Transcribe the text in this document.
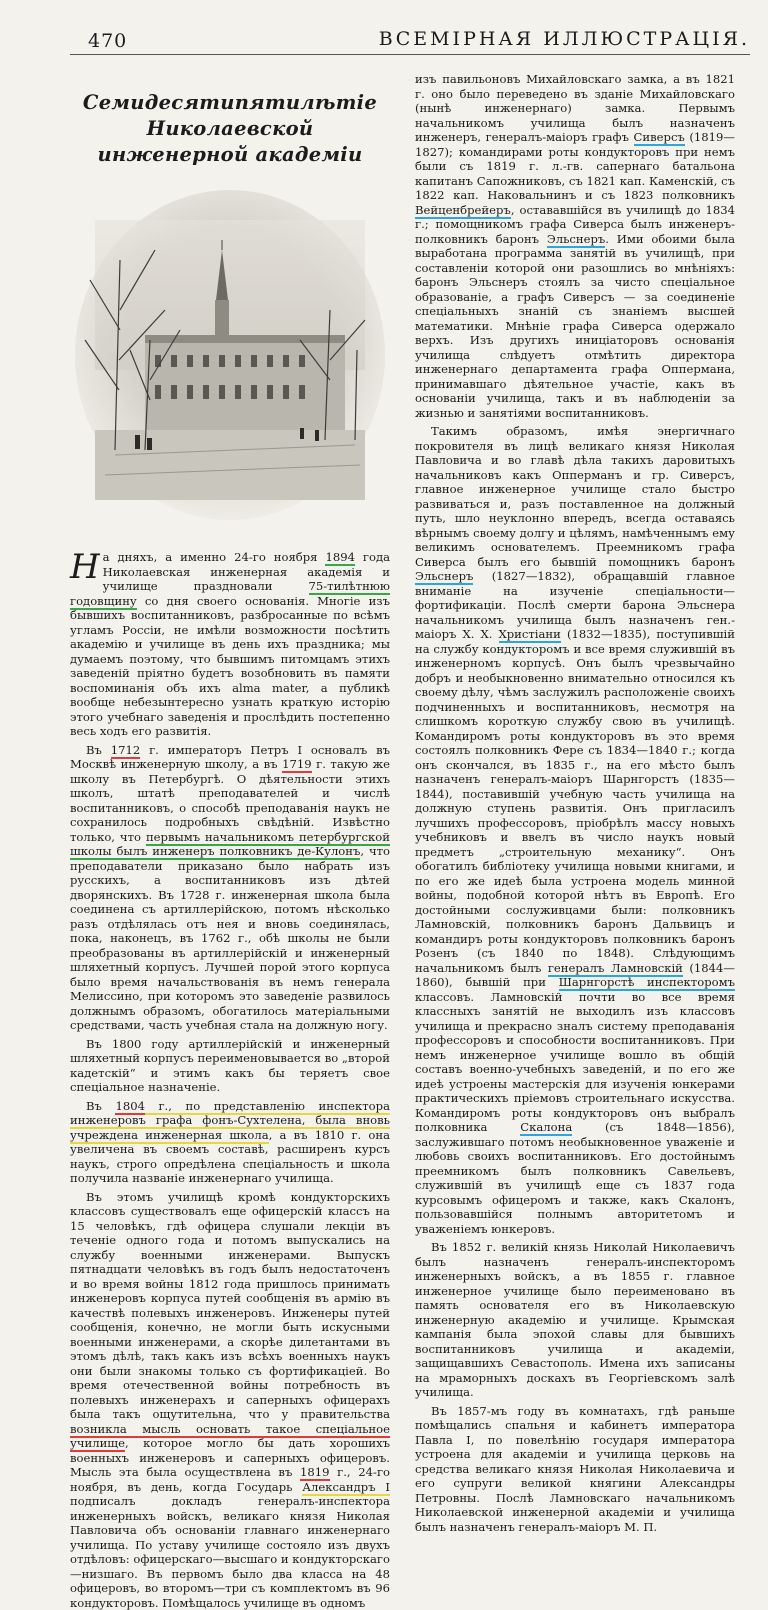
470	ВСЕМIРНАЯ ИЛЛЮСТРАЦIЯ.
Семидесятипятилѣтiе
Николаевской инженерной академiи

На дняхъ, а именно 24-го ноября 1894 года Николаевская инженерная академiя и училище праздновали 75-тилѣтнюю годовщину со дня своего основанiя. Многiе изъ бывшихъ воспитанниковъ, разбросанные по всѣмъ угламъ Россiи, не имѣли возможности посѣтить академiю и училище въ день ихъ праздника; мы думаемъ поэтому, что бывшимъ питомцамъ этихъ заведенiй прiятно будетъ возобновить въ памяти воспоминанiя объ ихъ alma mater, а публикѣ вообще небезынтересно узнать краткую исторiю этого учебнаго заведенiя и прослѣдить постепенно весь ходъ его развитiя.

Въ 1712 г. императоръ Петръ I основалъ въ Москвѣ инженерную школу, а въ 1719 г. такую же школу въ Петербургѣ. О дѣятельности этихъ школъ, штатѣ преподавателей и числѣ воспитанниковъ, о способѣ преподаванiя наукъ не сохранилось подробныхъ свѣдѣнiй. Извѣстно только, что первымъ начальникомъ петербургской школы былъ инженеръ полковникъ де-Кулонъ, что преподаватели приказано было набрать изъ русскихъ, а воспитанниковъ изъ дѣтей дворянскихъ. Въ 1728 г. инженерная школа была соединена съ артиллерiйскою, потомъ нѣсколько разъ отдѣлялась отъ нея и вновь соединялась, пока, наконецъ, въ 1762 г., обѣ школы не были преобразованы въ артиллерiйскiй и инженерный шляхетный корпусъ. Лучшей порой этого корпуса было время начальствованiя въ немъ генерала Мелиссино, при которомъ это заведенiе развилось должнымъ образомъ, обогатилось матерiальными средствами, часть учебная стала на должную ногу.

Въ 1800 году артиллерiйскiй и инженерный шляхетный корпусъ переименовывается во „второй кадетскiй“ и этимъ какъ бы теряетъ свое спецiальное назначенiе.

Въ 1804 г., по представленiю инспектора инженеровъ графа фонъ-Сухтелена, была вновь учреждена инженерная школа, а въ 1810 г. она увеличена въ своемъ составѣ, расширенъ курсъ наукъ, строго опредѣлена спецiальность и школа получила названiе инженернаго училища.

Въ этомъ училищѣ кромѣ кондукторскихъ классовъ существовалъ еще офицерскiй классъ на 15 человѣкъ, гдѣ офицера слушали лекцiи въ теченiе одного года и потомъ выпускались на службу военными инженерами. Выпускъ пятнадцати человѣкъ въ годъ былъ недостаточенъ и во время войны 1812 года пришлось принимать инженеровъ корпуса путей сообщенiя въ армiю въ качествѣ полевыхъ инженеровъ. Инженеры путей сообщенiя, конечно, не могли быть искусными военными инженерами, а скорѣе дилетантами въ этомъ дѣлѣ, такъ какъ изъ всѣхъ военныхъ наукъ они были знакомы только съ фортификацiей. Во время отечественной войны потребность въ полевыхъ инженерахъ и саперныхъ офицерахъ была такъ ощутительна, что у правительства возникла мысль основать такое спецiальное училище, которое могло бы дать хорошихъ военныхъ инженеровъ и саперныхъ офицеровъ. Мысль эта была осуществлена въ 1819 г., 24-го ноября, въ день, когда Государь Александръ I подписалъ докладъ генералъ-инспектора инженерныхъ войскъ, великаго князя Николая Павловича объ основанiи главнаго инженернаго училища. По уставу училище состояло изъ двухъ отдѣловъ: офицерскаго—высшаго и кондукторскаго—низшаго. Въ первомъ было два класса на 48 офицеровъ, во второмъ—три съ комплектомъ въ 96 кондукторовъ. Помѣщалось училище въ одномъ

изъ павильоновъ Михайловскаго замка, а въ 1821 г. оно было переведено въ зданiе Михайловскаго (нынѣ инженернаго) замка. Первымъ начальникомъ училища былъ назначенъ инженеръ, генералъ-маiоръ графъ Сиверсъ (1819—1827); командирами роты кондукторовъ при немъ были съ 1819 г. л.-гв. сапернаго батальона капитанъ Сапожниковъ, съ 1821 кап. Каменскiй, съ 1822 кап. Наковальнинъ и съ 1823 полковникъ Вейценбрейеръ, остававшiйся въ училищѣ до 1834 г.; помощникомъ графа Сиверса былъ инженеръ-полковникъ баронъ Эльснеръ. Ими обоими была выработана программа занятiй въ училищѣ, при составленiи которой они разошлись во мнѣнiяхъ: баронъ Эльснеръ стоялъ за чисто спецiальное образованiе, а графъ Сиверсъ — за соединенiе спецiальныхъ знанiй съ знанiемъ высшей математики. Мнѣнiе графа Сиверса одержало верхъ. Изъ другихъ иницiаторовъ основанiя училища слѣдуетъ отмѣтить директора инженернаго департамента графа Оппермана, принимавшаго дѣятельное участiе, какъ въ основанiи училища, такъ и въ наблюденiи за жизнью и занятiями воспитанниковъ.

Такимъ образомъ, имѣя энергичнаго покровителя въ лицѣ великаго князя Николая Павловича и во главѣ дѣла такихъ даровитыхъ начальниковъ какъ Опперманъ и гр. Сиверсъ, главное инженерное училище стало быстро развиваться и, разъ поставленное на должный путь, шло неуклонно впередъ, всегда оставаясь вѣрнымъ своему долгу и цѣлямъ, намѣченнымъ ему великимъ основателемъ. Преемникомъ графа Сиверса былъ его бывшiй помощникъ баронъ Эльснеръ (1827—1832), обращавшiй главное вниманiе на изученiе спецiальности—фортификацiи. Послѣ смерти барона Эльснера начальникомъ училища былъ назначенъ ген.-маiоръ Х. Х. Христiани (1832—1835), поступившiй на службу кондукторомъ и все время служившiй въ инженерномъ корпусѣ. Онъ былъ чрезвычайно добръ и необыкновенно внимательно относился къ своему дѣлу, чѣмъ заслужилъ расположенiе своихъ подчиненныхъ и воспитанниковъ, несмотря на слишкомъ короткую службу свою въ училищѣ. Командиромъ роты кондукторовъ въ это время состоялъ полковникъ Фере съ 1834—1840 г.; когда онъ скончался, въ 1835 г., на его мѣсто былъ назначенъ генералъ-маiоръ Шарнгорстъ (1835—1844), поставившiй учебную часть училища на должную ступень развитiя. Онъ пригласилъ лучшихъ профессоровъ, прiобрѣлъ массу новыхъ учебниковъ и ввелъ въ число наукъ новый предметъ „строительную механику“. Онъ обогатилъ библiотеку училища новыми книгами, и по его же идеѣ была устроена модель минной войны, подобной которой нѣтъ въ Европѣ. Его достойными сослуживцами были: полковникъ Ламновскiй, полковникъ баронъ Дальвицъ и командиръ роты кондукторовъ полковникъ баронъ Розенъ (съ 1840 по 1848). Слѣдующимъ начальникомъ былъ генералъ Ламновскiй (1844—1860), бывшiй при Шарнгорстѣ инспекторомъ классовъ. Ламновскiй почти во все время классныхъ занятiй не выходилъ изъ классовъ училища и прекрасно зналъ систему преподаванiя профессоровъ и способности воспитанниковъ. При немъ инженерное училище вошло въ общiй составъ военно-учебныхъ заведенiй, и по его же идеѣ устроены мастерскiя для изученiя юнкерами практическихъ прiемовъ строительнаго искусства. Командиромъ роты кондукторовъ онъ выбралъ полковника Скалона (съ 1848—1856), заслужившаго потомъ необыкновенное уваженiе и любовь своихъ воспитанниковъ. Его достойнымъ преемникомъ былъ полковникъ Савельевъ, служившiй въ училищѣ еще съ 1837 года курсовымъ офицеромъ и также, какъ Скалонъ, пользовавшiйся полнымъ авторитетомъ и уваженiемъ юнкеровъ.

Въ 1852 г. великiй князь Николай Николаевичъ былъ назначенъ генералъ-инспекторомъ инженерныхъ войскъ, а въ 1855 г. главное инженерное училище было переименовано въ память основателя его въ Николаевскую инженерную академiю и училище. Крымская кампанiя была эпохой славы для бывшихъ воспитанниковъ училища и академiи, защищавшихъ Севастополь. Имена ихъ записаны на мраморныхъ доскахъ въ Георгiевскомъ залѣ училища.

Въ 1857-мъ году въ комнатахъ, гдѣ раньше помѣщались спальня и кабинетъ императора Павла I, по повелѣнiю государя императора устроена для академiи и училища церковь на средства великаго князя Николая Николаевича и его супруги великой княгини Александры Петровны. Послѣ Ламновскаго начальникомъ Николаевской инженерной академiи и училища былъ назначенъ генералъ-маiоръ М. П.
